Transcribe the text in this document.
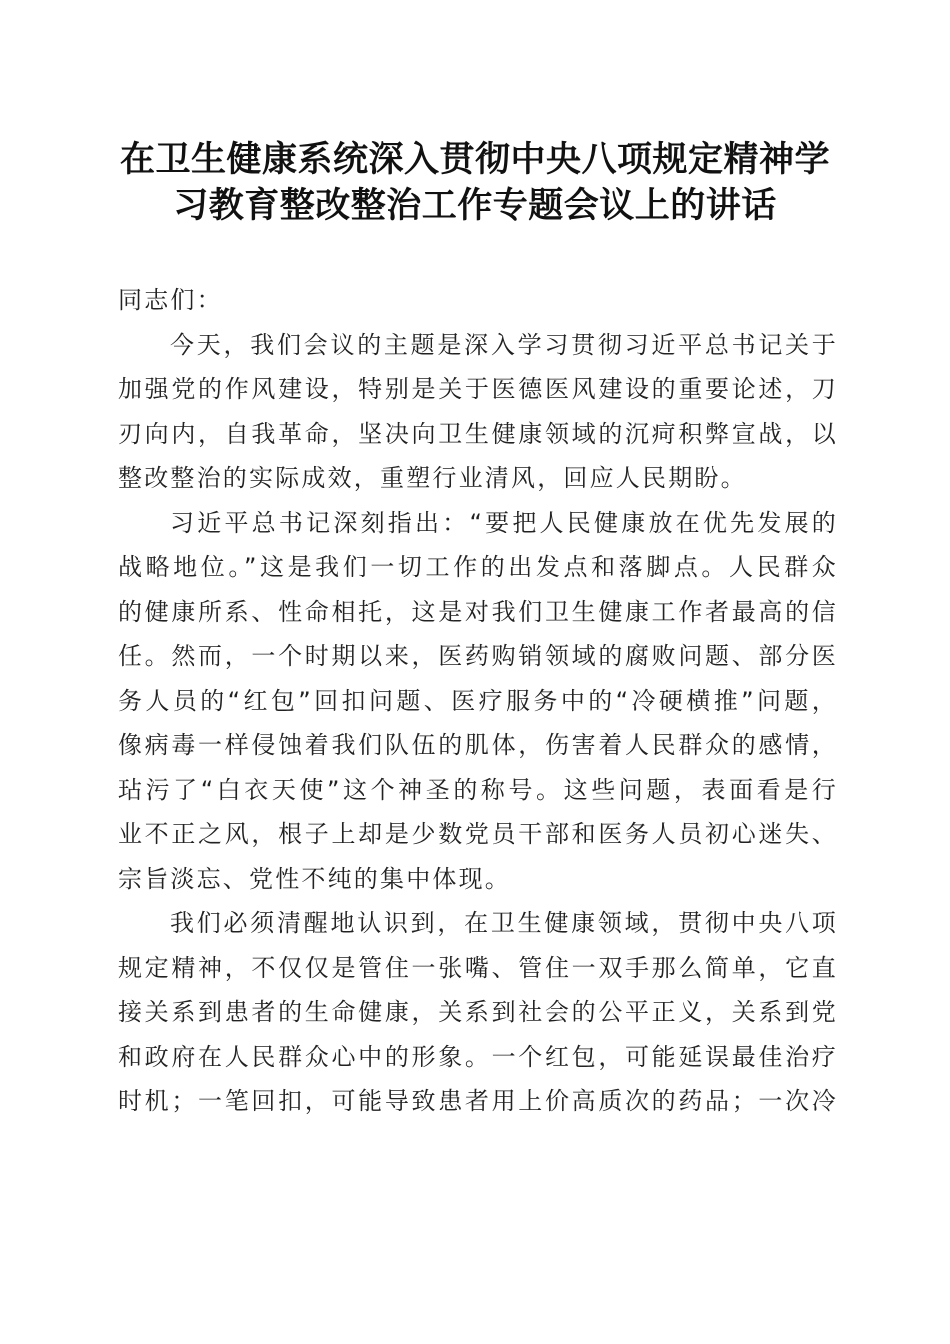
在卫生健康系统深入贯彻中央八项规定精神学
习教育整改整治工作专题会议上的讲话

同志们：

今天，我们会议的主题是深入学习贯彻习近平总书记关于
加强党的作风建设，特别是关于医德医风建设的重要论述，刀
刃向内，自我革命，坚决向卫生健康领域的沉疴积弊宣战，以
整改整治的实际成效，重塑行业清风，回应人民期盼。

习近平总书记深刻指出：“要把人民健康放在优先发展的
战略地位。”这是我们一切工作的出发点和落脚点。人民群众
的健康所系、性命相托，这是对我们卫生健康工作者最高的信
任。然而，一个时期以来，医药购销领域的腐败问题、部分医
务人员的“红包”回扣问题、医疗服务中的“冷硬横推”问题，
像病毒一样侵蚀着我们队伍的肌体，伤害着人民群众的感情，
玷污了“白衣天使”这个神圣的称号。这些问题，表面看是行
业不正之风，根子上却是少数党员干部和医务人员初心迷失、
宗旨淡忘、党性不纯的集中体现。

我们必须清醒地认识到，在卫生健康领域，贯彻中央八项
规定精神，不仅仅是管住一张嘴、管住一双手那么简单，它直
接关系到患者的生命健康，关系到社会的公平正义，关系到党
和政府在人民群众心中的形象。一个红包，可能延误最佳治疗
时机；一笔回扣，可能导致患者用上价高质次的药品；一次冷
